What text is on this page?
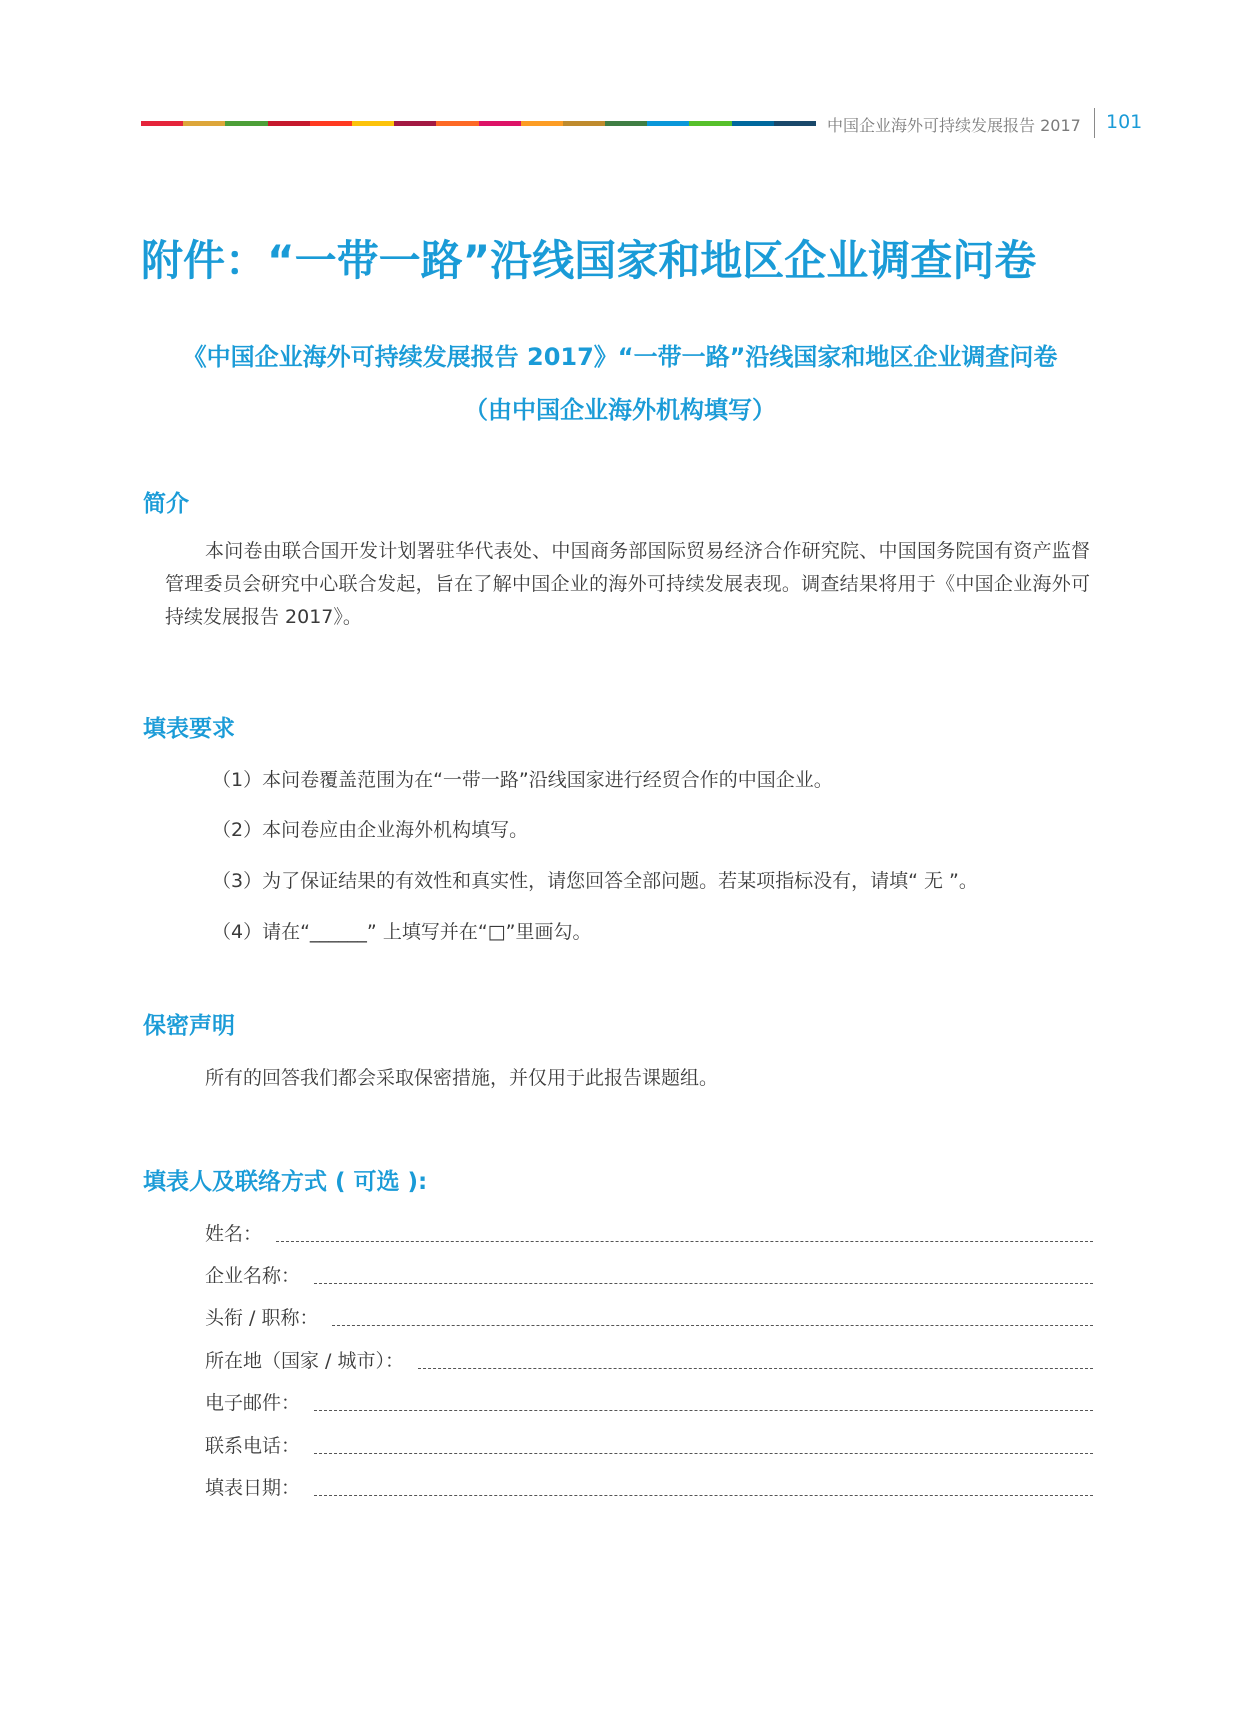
中国企业海外可持续发展报告 2017 101
附件：“一带一路”沿线国家和地区企业调查问卷
《中国企业海外可持续发展报告 2017》“一带一路”沿线国家和地区企业调查问卷
（由中国企业海外机构填写）
简介

本问卷由联合国开发计划署驻华代表处、中国商务部国际贸易经济合作研究院、中国国务院国有资产监督管理委员会研究中心联合发起，旨在了解中国企业的海外可持续发展表现。调查结果将用于《中国企业海外可持续发展报告 2017》。

填表要求
（1）本问卷覆盖范围为在“一带一路”沿线国家进行经贸合作的中国企业。
（2）本问卷应由企业海外机构填写。
（3）为了保证结果的有效性和真实性，请您回答全部问题。若某项指标没有，请填“ 无 ”。
（4）请在“______” 上填写并在“□”里画勾。
保密声明
所有的回答我们都会采取保密措施，并仅用于此报告课题组。
填表人及联络方式 ( 可选 ):
姓名：
企业名称：
头衔 / 职称：
所在地（国家 / 城市）：
电子邮件：
联系电话：
填表日期：
